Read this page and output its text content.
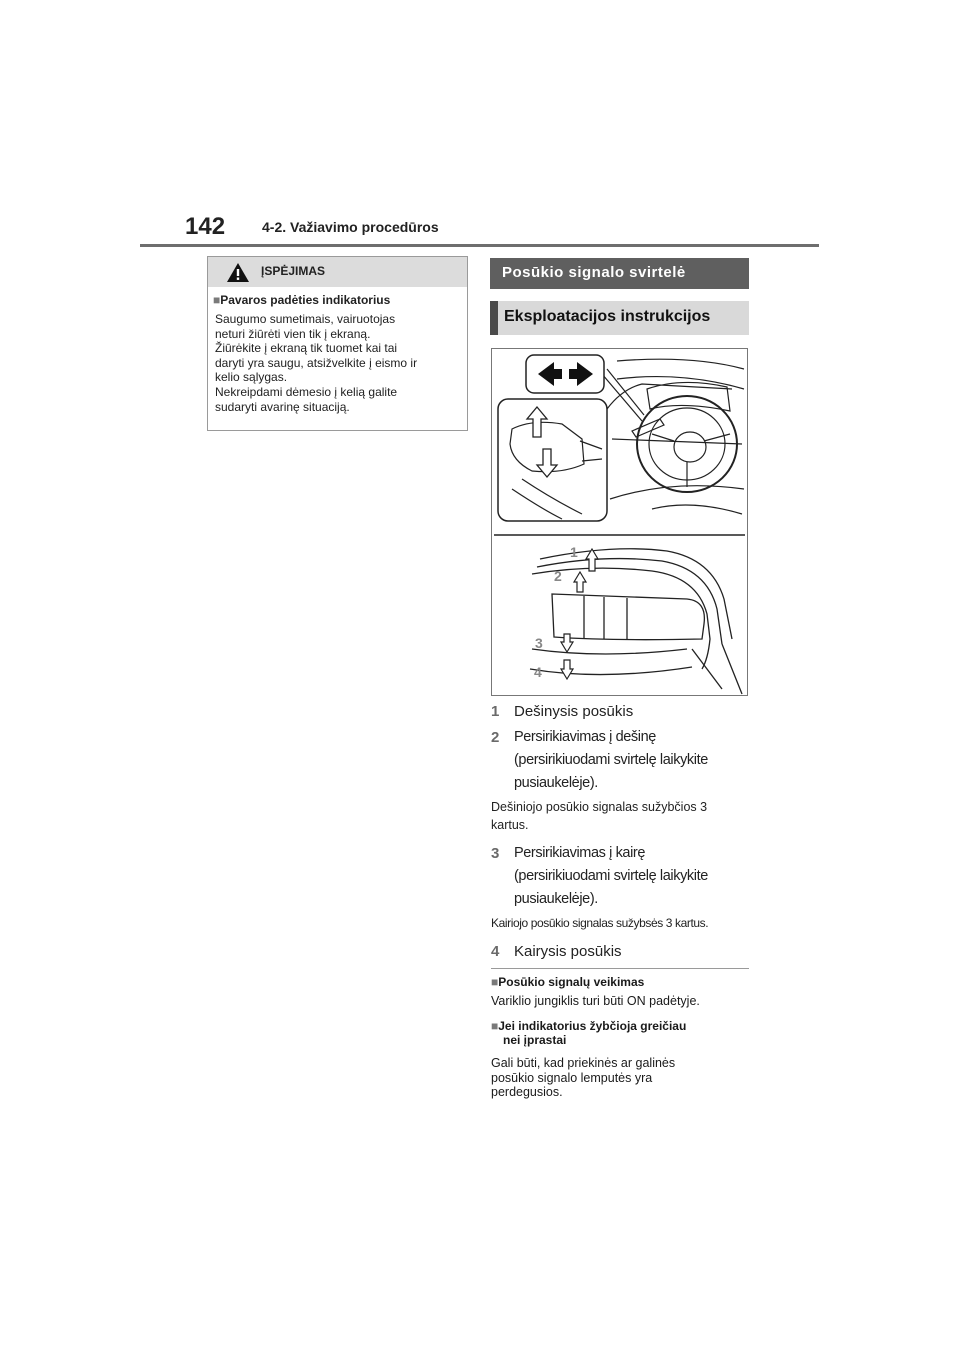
142	4-2. Važiavimo procedūros
ĮSPĖJIMAS
■Pavaros padėties indikatorius
Saugumo sumetimais, vairuotojas
neturi žiūrėti vien tik į ekraną.
Žiūrėkite į ekraną tik tuomet kai tai
daryti yra saugu, atsižvelkite į eismo ir
kelio sąlygas.
Nekreipdami dėmesio į kelią galite
sudaryti avarinę situaciją.
Posūkio signalo svirtelė
Eksploatacijos instrukcijos
1
2
3
4
1 Dešinysis posūkis
2 Persirikiavimas į dešinę
(persirikiuodami svirtelę laikykite
pusiaukelėje).
Dešiniojo posūkio signalas sužybčios 3
kartus.
3 Persirikiavimas į kairę
(persirikiuodami svirtelę laikykite
pusiaukelėje).
Kairiojo posūkio signalas sužybsės 3 kartus.
4 Kairysis posūkis
■Posūkio signalų veikimas
Variklio jungiklis turi būti ON padėtyje.
■Jei indikatorius žybčioja greičiau
nei įprastai
Gali būti, kad priekinės ar galinės
posūkio signalo lemputės yra
perdegusios.
